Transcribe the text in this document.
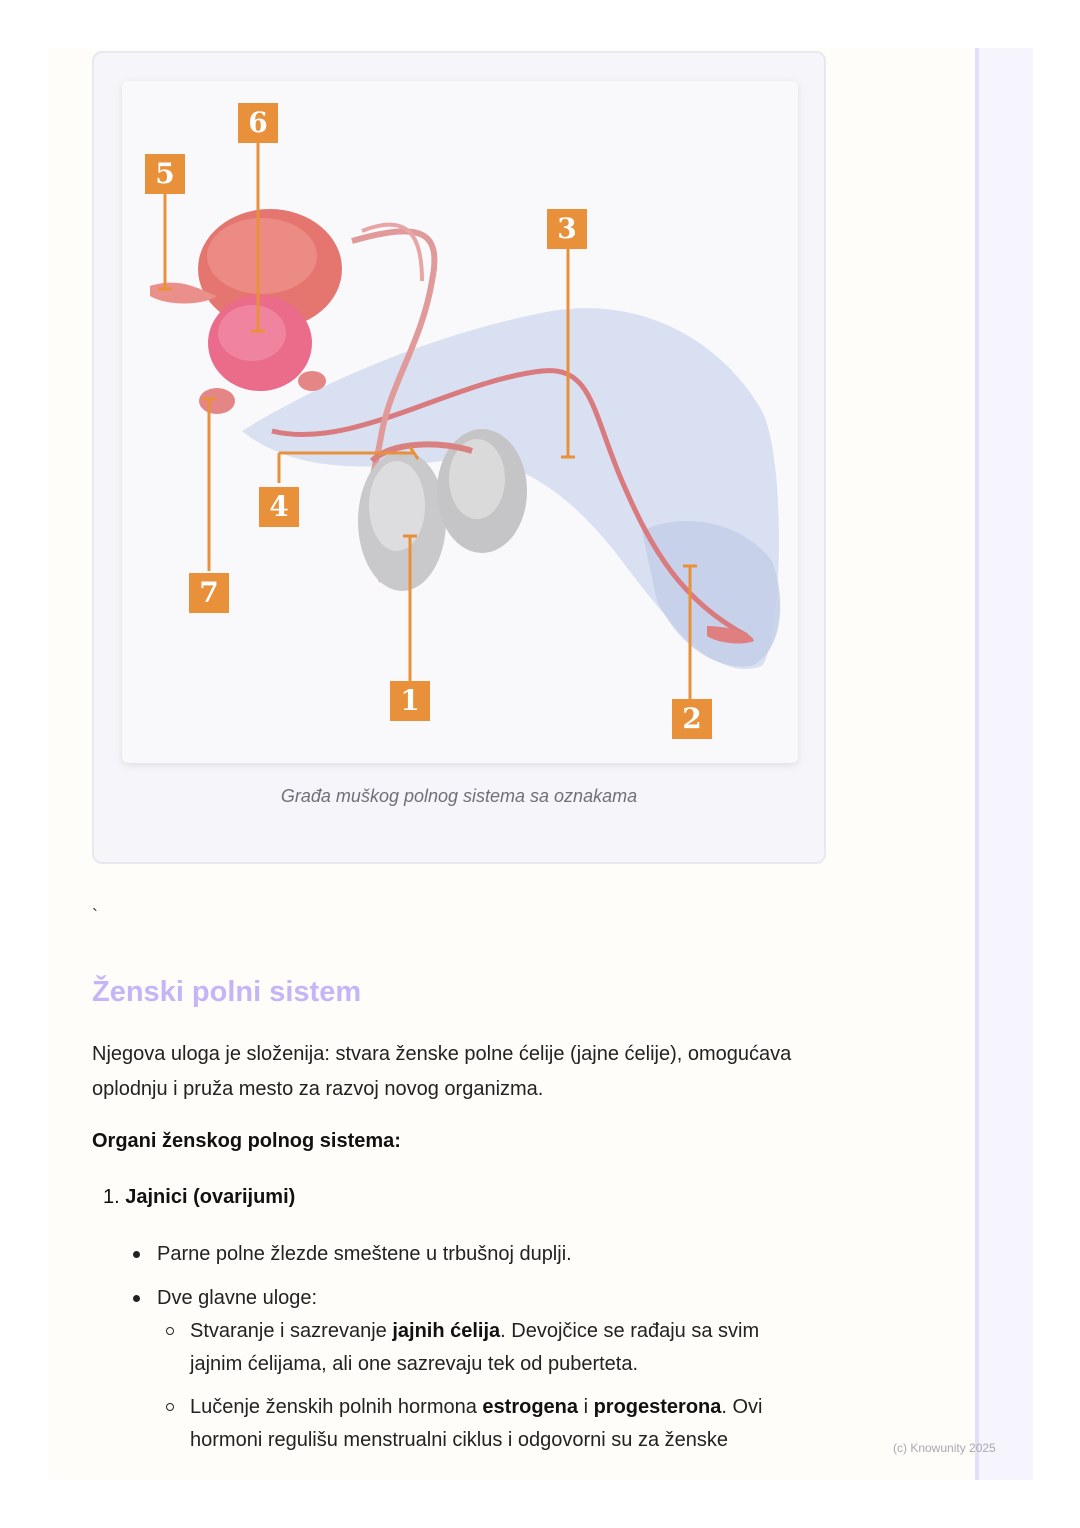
6
5
3
4
7
1
2
Građa muškog polnog sistema sa oznakama
`
Ženski polni sistem

Njegova uloga je složenija: stvara ženske polne ćelije (jajne ćelije), omogućava oplodnju i pruža mesto za razvoj novog organizma.

Organi ženskog polnog sistema:
1. Jajnici (ovarijumi)
Parne polne žlezde smeštene u trbušnoj duplji.
Dve glavne uloge:
Stvaranje i sazrevanje jajnih ćelija. Devojčice se rađaju sa svim
jajnim ćelijama, ali one sazrevaju tek od puberteta.
Lučenje ženskih polnih hormona estrogena i progesterona. Ovi
hormoni regulišu menstrualni ciklus i odgovorni su za ženske	(c) Knowunity 2025
